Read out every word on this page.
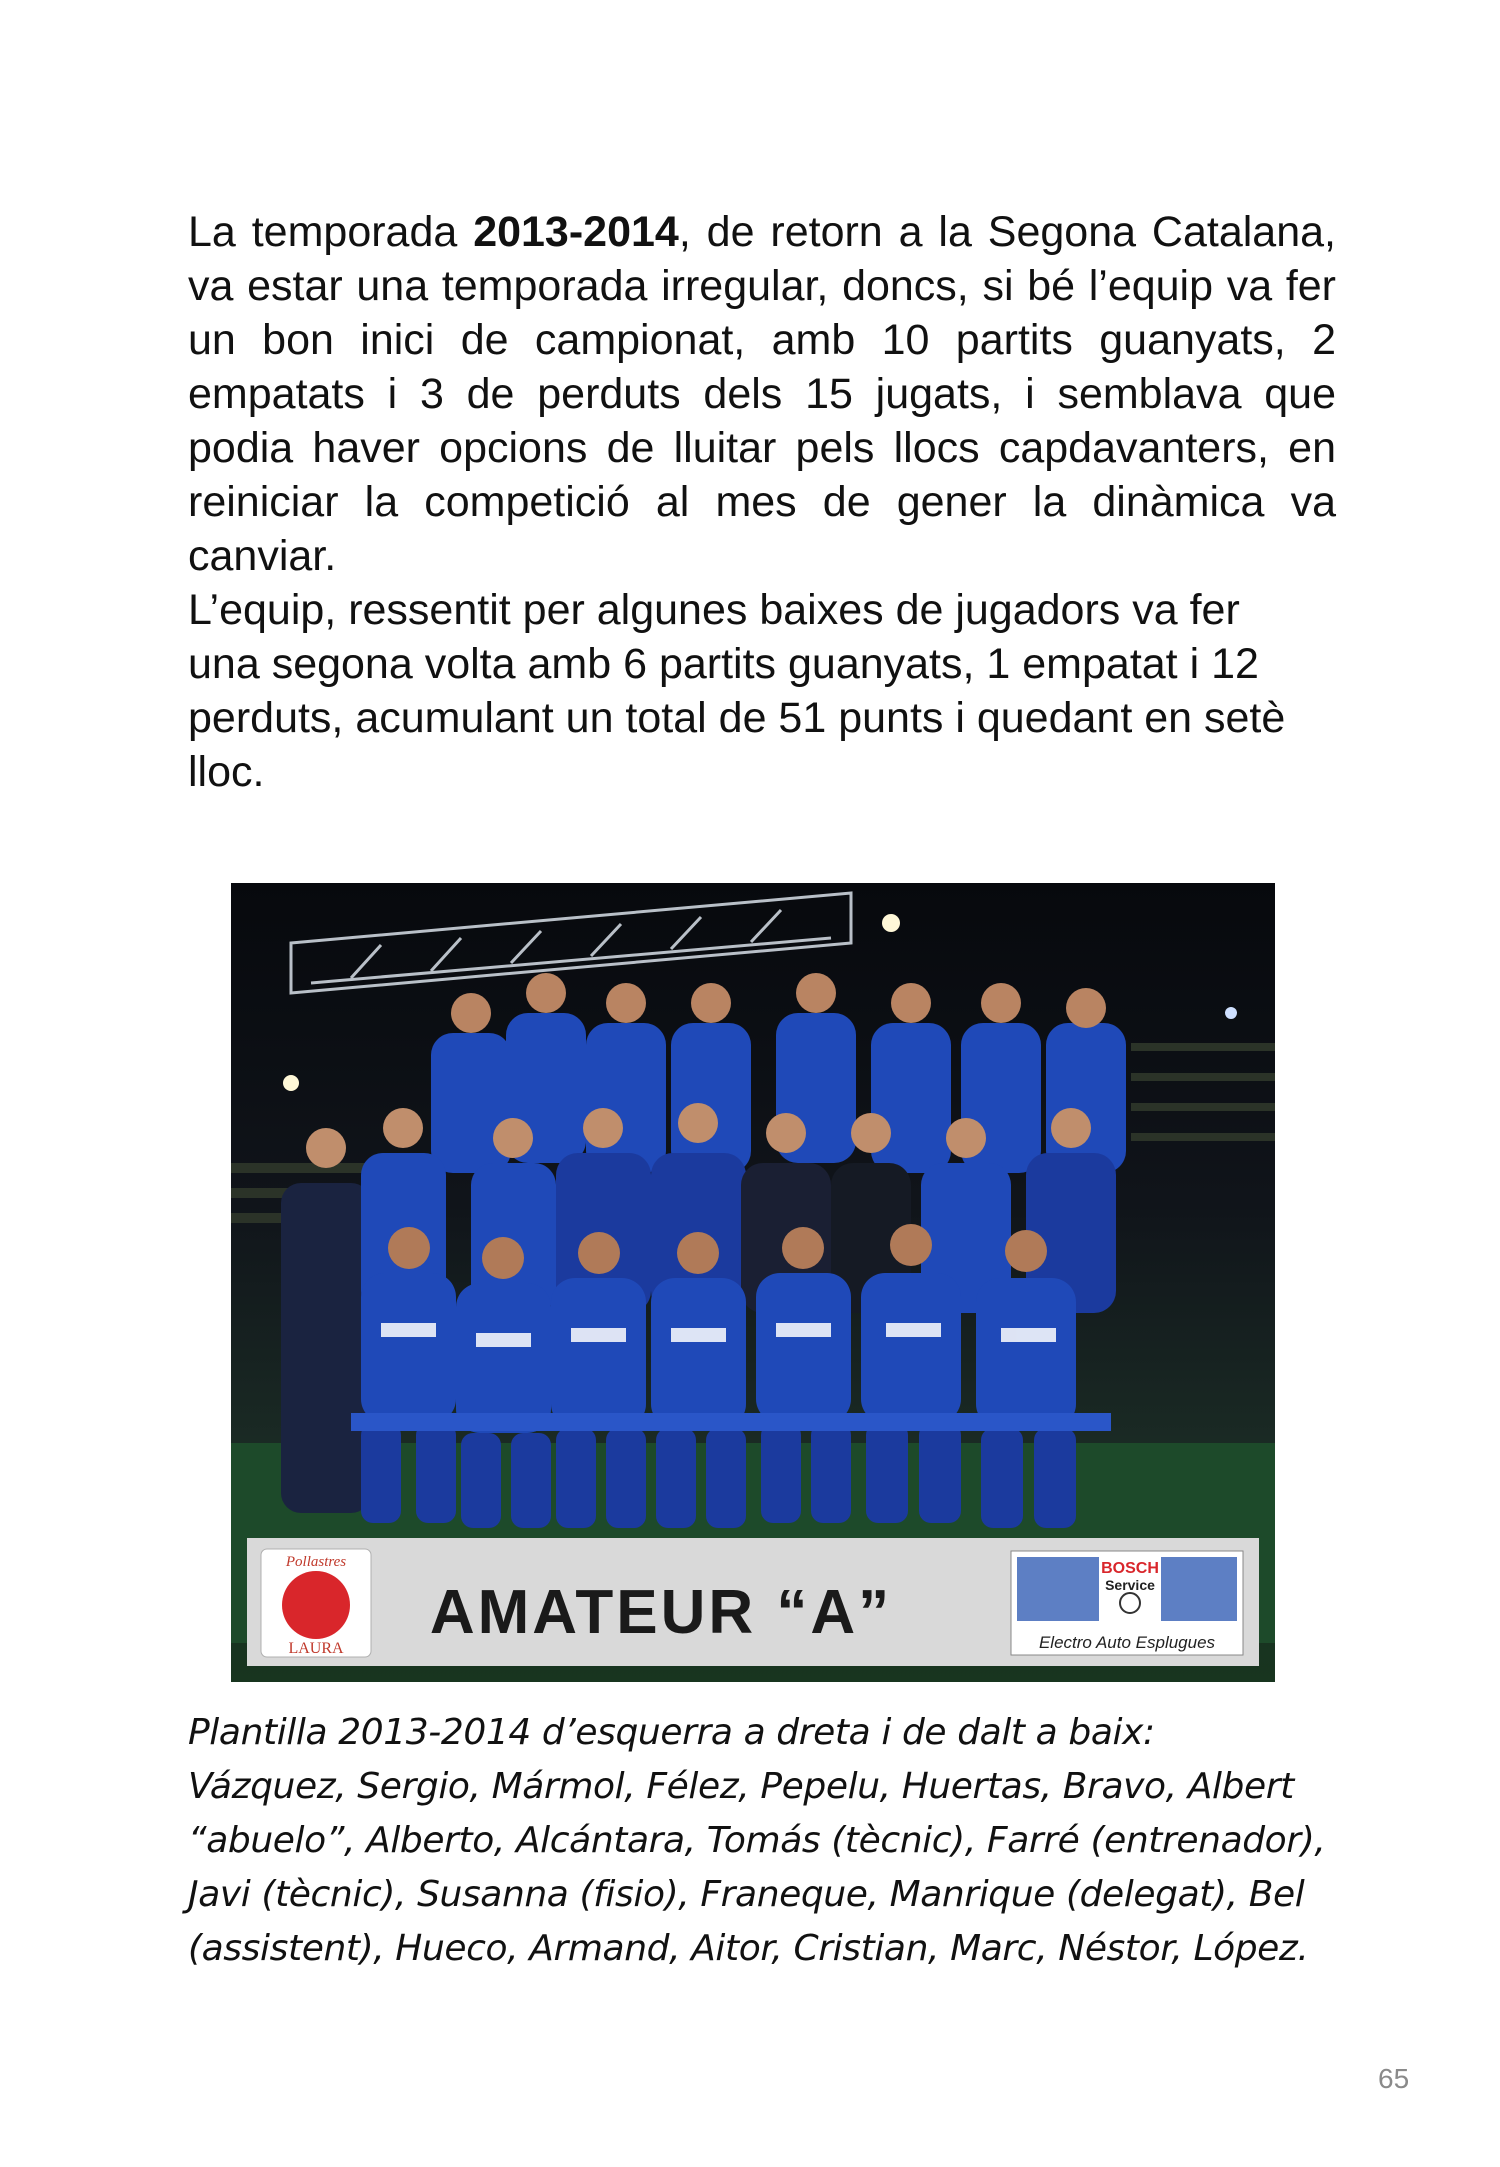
La temporada 2013-2014, de retorn a la Segona Catalana, va estar una temporada irregular, doncs, si bé l’equip va fer un bon inici de campionat, amb 10 partits guanyats, 2 empatats i 3 de perduts dels 15 jugats, i semblava que podia haver opcions de lluitar pels llocs capdavanters, en reiniciar la competició al mes de gener la dinàmica va canviar.

L’equip, ressentit per algunes baixes de jugadors va fer
una segona volta amb 6 partits guanyats, 1 empatat i 12
perduts, acumulant un total de 51 punts i quedant en setè
lloc.

Pollastres
LAURA
AMATEUR “A”
BOSCH
Service
Electro Auto Esplugues
Plantilla 2013-2014 d’esquerra a dreta i de dalt a baix:
Vázquez, Sergio, Mármol, Félez, Pepelu, Huertas, Bravo, Albert
“abuelo”, Alberto, Alcántara, Tomás (tècnic), Farré (entrenador),
Javi (tècnic), Susanna (fisio), Franeque, Manrique (delegat), Bel
(assistent), Hueco, Armand, Aitor, Cristian, Marc, Néstor, López.
65
